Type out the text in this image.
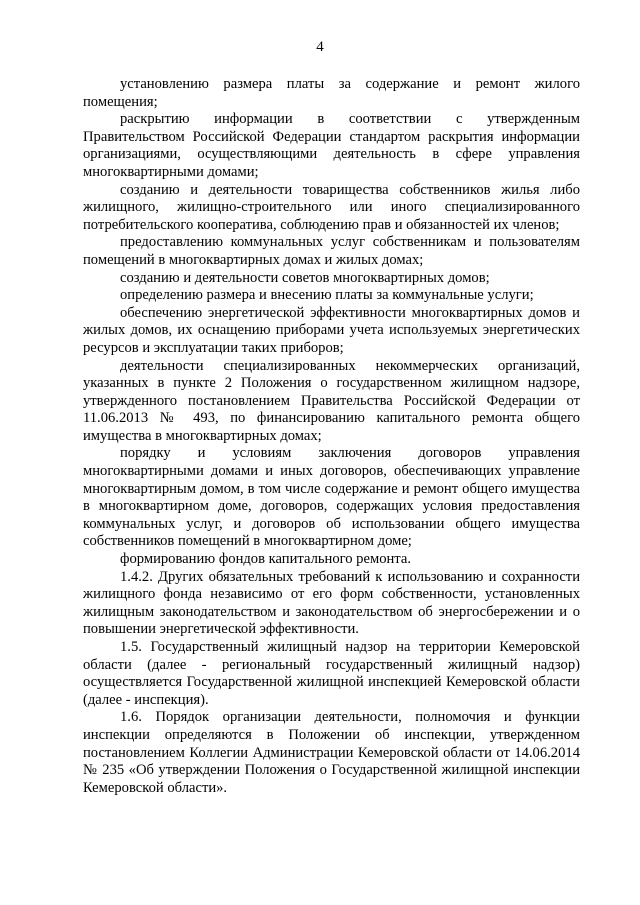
4

установлению размера платы за содержание и ремонт жилого помещения;

раскрытию информации в соответствии с утвержденным Правительством Российской Федерации стандартом раскрытия информации организациями, осуществляющими деятельность в сфере управления многоквартирными домами;

созданию и деятельности товарищества собственников жилья либо жилищного, жилищно-строительного или иного специализированного потребительского кооператива, соблюдению прав и обязанностей их членов;

предоставлению коммунальных услуг собственникам и пользователям помещений в многоквартирных домах и жилых домах;

созданию и деятельности советов многоквартирных домов;

определению размера и внесению платы за коммунальные услуги;

обеспечению энергетической эффективности многоквартирных домов и жилых домов, их оснащению приборами учета используемых энергетических ресурсов и эксплуатации таких приборов;

деятельности специализированных некоммерческих организаций, указанных в пункте 2 Положения о государственном жилищном надзоре, утвержденного постановлением Правительства Российской Федерации от 11.06.2013 № 493, по финансированию капитального ремонта общего имущества в многоквартирных домах;

порядку и условиям заключения договоров управления многоквартирными домами и иных договоров, обеспечивающих управление многоквартирным домом, в том числе содержание и ремонт общего имущества в многоквартирном доме, договоров, содержащих условия предоставления коммунальных услуг, и договоров об использовании общего имущества собственников помещений в многоквартирном доме;

формированию фондов капитального ремонта.

1.4.2. Других обязательных требований к использованию и сохранности жилищного фонда независимо от его форм собственности, установленных жилищным законодательством и законодательством об энергосбережении и о повышении энергетической эффективности.

1.5. Государственный жилищный надзор на территории Кемеровской области (далее - региональный государственный жилищный надзор) осуществляется Государственной жилищной инспекцией Кемеровской области (далее - инспекция).

1.6. Порядок организации деятельности, полномочия и функции инспекции определяются в Положении об инспекции, утвержденном постановлением Коллегии Администрации Кемеровской области от 14.06.2014 № 235 «Об утверждении Положения о Государственной жилищной инспекции Кемеровской области».
